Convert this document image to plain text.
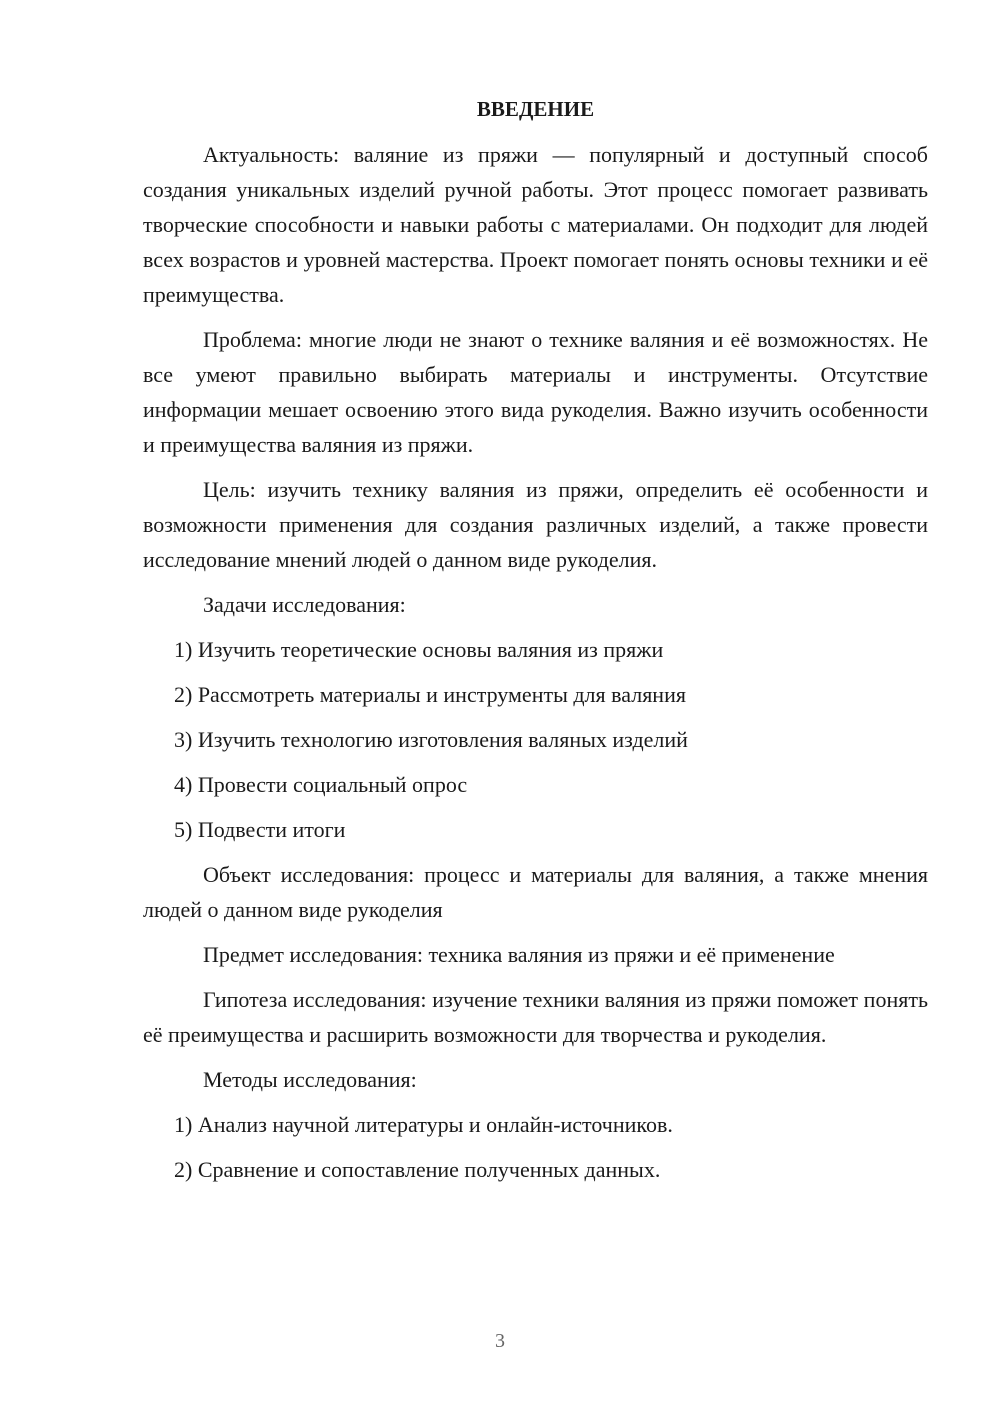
ВВЕДЕНИЕ

Актуальность: валяние из пряжи — популярный и доступный способ создания уникальных изделий ручной работы. Этот процесс помогает развивать творческие способности и навыки работы с материалами. Он подходит для людей всех возрастов и уровней мастерства. Проект помогает понять основы техники и её преимущества.

Проблема: многие люди не знают о технике валяния и её возможностях. Не все умеют правильно выбирать материалы и инструменты. Отсутствие информации мешает освоению этого вида рукоделия. Важно изучить особенности и преимущества валяния из пряжи.

Цель: изучить технику валяния из пряжи, определить её особенности и возможности применения для создания различных изделий, а также провести исследование мнений людей о данном виде рукоделия.

Задачи исследования:

1) Изучить теоретические основы валяния из пряжи
2) Рассмотреть материалы и инструменты для валяния
3) Изучить технологию изготовления валяных изделий
4) Провести социальный опрос
5) Подвести итоги

Объект исследования: процесс и материалы для валяния, а также мнения людей о данном виде рукоделия

Предмет исследования: техника валяния из пряжи и её применение

Гипотеза исследования: изучение техники валяния из пряжи поможет понять её преимущества и расширить возможности для творчества и рукоделия.

Методы исследования:

1) Анализ научной литературы и онлайн-источников.
2) Сравнение и сопоставление полученных данных.
3
